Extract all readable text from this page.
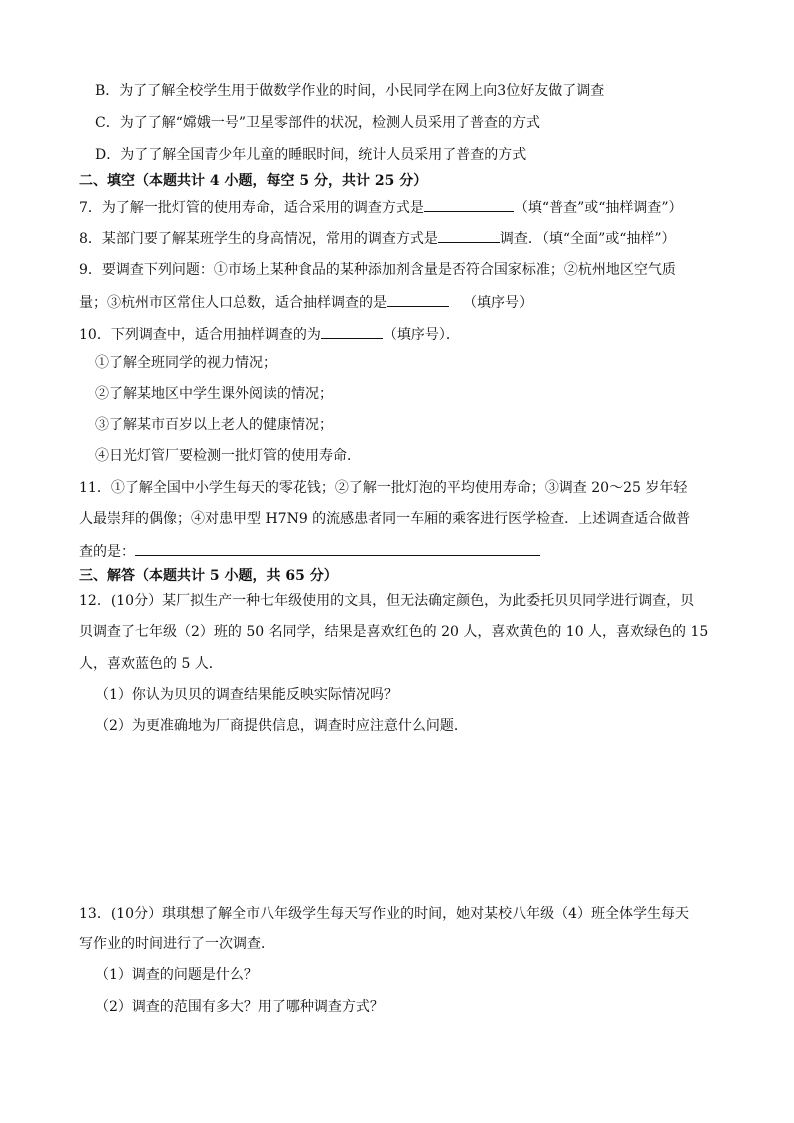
B．为了了解全校学生用于做数学作业的时间，小民同学在网上向3位好友做了调查
C．为了了解“嫦娥一号”卫星零部件的状况，检测人员采用了普查的方式
D．为了了解全国青少年儿童的睡眠时间，统计人员采用了普查的方式
二、填空（本题共计 4 小题，每空 5 分，共计 25 分）
7．为了解一批灯管的使用寿命，适合采用的调查方式是	（填“普查”或“抽样调查”）
8．某部门要了解某班学生的身高情况，常用的调查方式是	调查．（填“全面”或“抽样”）
9．要调查下列问题：①市场上某种食品的某种添加剂含量是否符合国家标准；②杭州地区空气质
量；③杭州市区常住人口总数，适合抽样调查的是	（填序号）
10．下列调查中，适合用抽样调查的为	（填序号）．
①了解全班同学的视力情况；
②了解某地区中学生课外阅读的情况；
③了解某市百岁以上老人的健康情况；
④日光灯管厂要检测一批灯管的使用寿命．
11．①了解全国中小学生每天的零花钱；②了解一批灯泡的平均使用寿命；③调查 20～25 岁年轻
人最崇拜的偶像；④对患甲型 H7N9 的流感患者同一车厢的乘客进行医学检查．上述调查适合做普
查的是：
三、解答（本题共计 5 小题，共 65 分）
12．(10分）某厂拟生产一种七年级使用的文具，但无法确定颜色，为此委托贝贝同学进行调查，贝
贝调查了七年级（2）班的 50 名同学，结果是喜欢红色的 20 人，喜欢黄色的 10 人，喜欢绿色的 15
人，喜欢蓝色的 5 人．
（1）你认为贝贝的调查结果能反映实际情况吗？
（2）为更准确地为厂商提供信息，调查时应注意什么问题．
13．(10分）琪琪想了解全市八年级学生每天写作业的时间，她对某校八年级（4）班全体学生每天
写作业的时间进行了一次调查．
（1）调查的问题是什么？
（2）调查的范围有多大？用了哪种调查方式？
